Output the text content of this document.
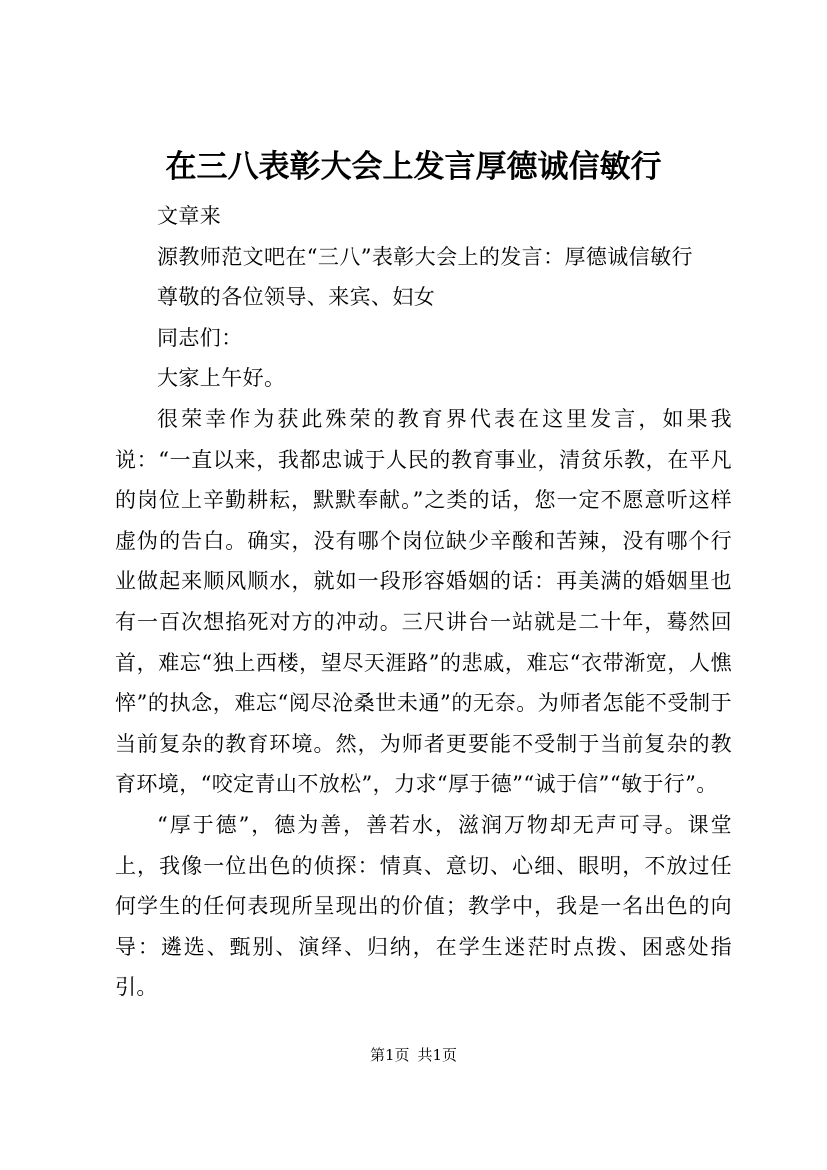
在三八表彰大会上发言厚德诚信敏行

文章来

源教师范文吧在“三八”表彰大会上的发言：厚德诚信敏行

尊敬的各位领导、来宾、妇女

同志们：

大家上午好。

很荣幸作为获此殊荣的教育界代表在这里发言，如果我说：“一直以来，我都忠诚于人民的教育事业，清贫乐教，在平凡的岗位上辛勤耕耘，默默奉献。”之类的话，您一定不愿意听这样虚伪的告白。确实，没有哪个岗位缺少辛酸和苦辣，没有哪个行业做起来顺风顺水，就如一段形容婚姻的话：再美满的婚姻里也有一百次想掐死对方的冲动。三尺讲台一站就是二十年，蓦然回首，难忘“独上西楼，望尽天涯路”的悲戚，难忘“衣带渐宽，人憔悴”的执念，难忘“阅尽沧桑世未通”的无奈。为师者怎能不受制于当前复杂的教育环境。然，为师者更要能不受制于当前复杂的教育环境，“咬定青山不放松”，力求“厚于德”“诚于信”“敏于行”。

“厚于德”，德为善，善若水，滋润万物却无声可寻。课堂上，我像一位出色的侦探：情真、意切、心细、眼明，不放过任何学生的任何表现所呈现出的价值；教学中，我是一名出色的向导：遴选、甄别、演绎、归纳，在学生迷茫时点拨、困惑处指引。

第1页 共1页
